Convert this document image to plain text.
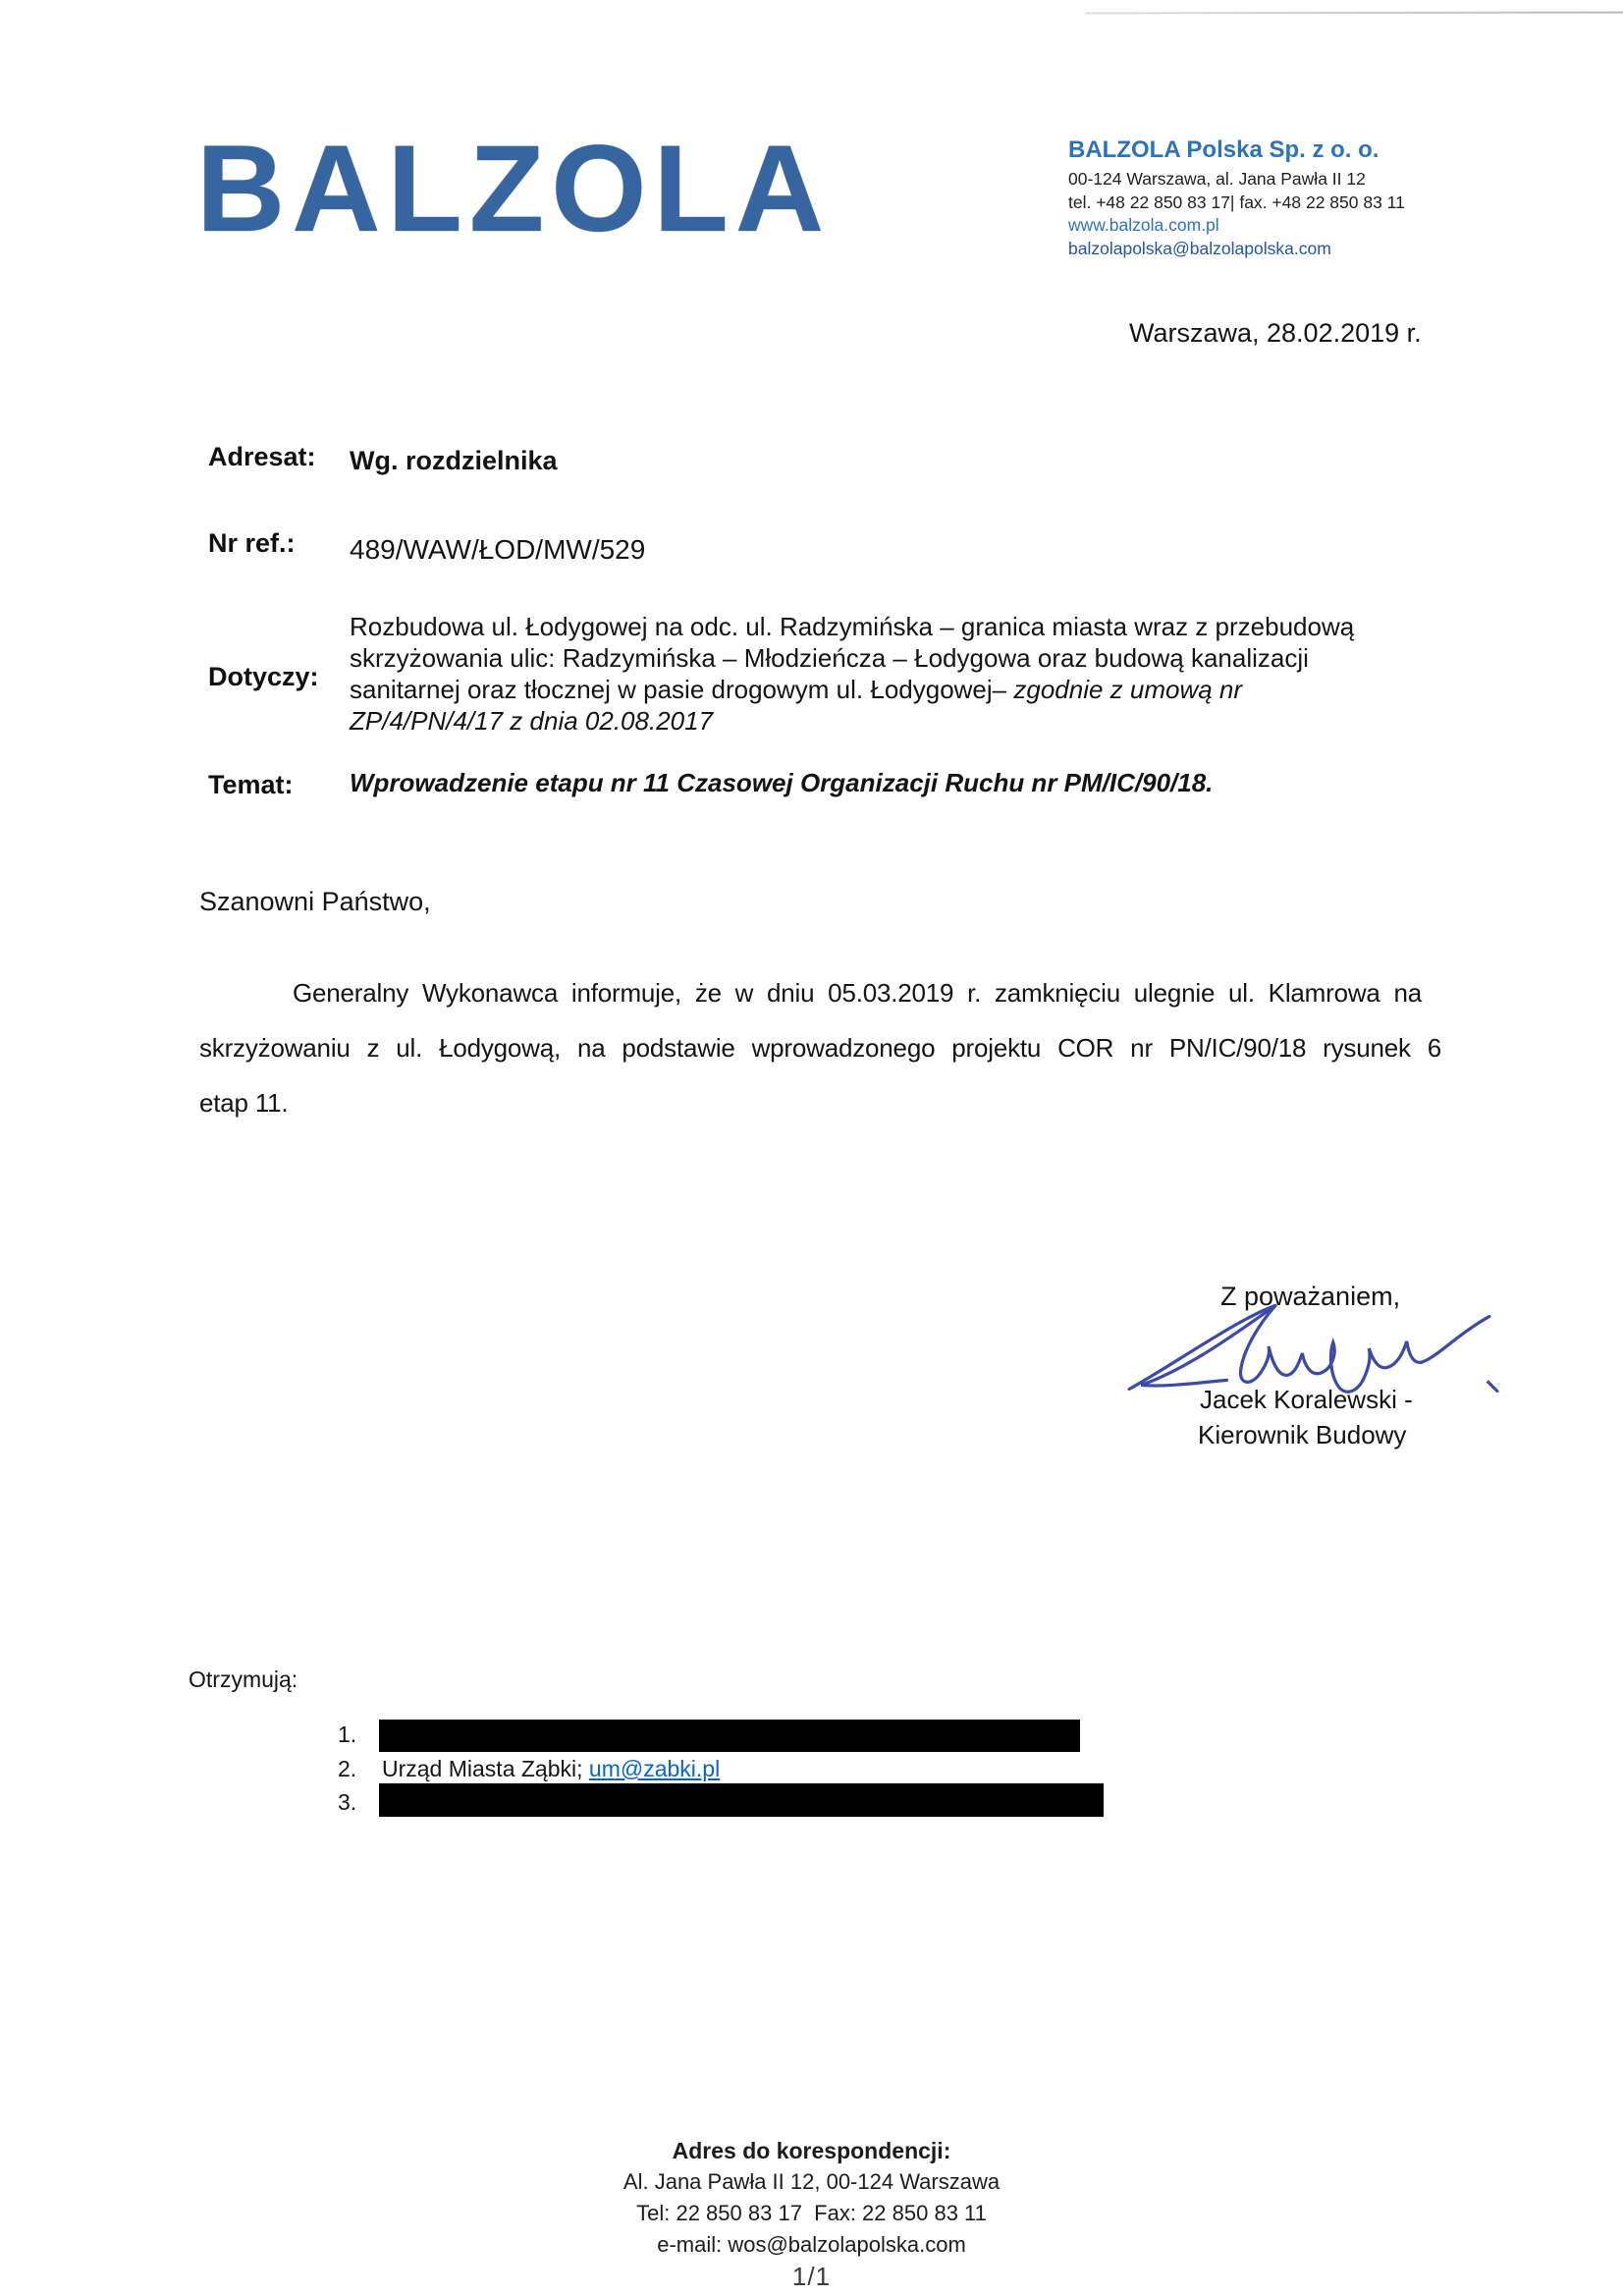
BALZOLA	BALZOLA Polska Sp. z o. o.
00-124 Warszawa, al. Jana Pawła II 12
tel. +48 22 850 83 17| fax. +48 22 850 83 11
www.balzola.com.pl
balzolapolska@balzolapolska.com
Warszawa, 28.02.2019 r.
Adresat: Wg. rozdzielnika
Nr ref.: 489/WAW/ŁOD/MW/529
Dotyczy:
Rozbudowa ul. Łodygowej na odc. ul. Radzymińska – granica miasta wraz z przebudową
skrzyżowania ulic: Radzymińska – Młodzieńcza – Łodygowa oraz budową kanalizacji
sanitarnej oraz tłocznej w pasie drogowym ul. Łodygowej– zgodnie z umową nr
ZP/4/PN/4/17 z dnia 02.08.2017
Temat: Wprowadzenie etapu nr 11 Czasowej Organizacji Ruchu nr PM/IC/90/18.
Szanowni Państwo,
Generalny Wykonawca informuje, że w dniu 05.03.2019 r. zamknięciu ulegnie ul. Klamrowa na
skrzyżowaniu z ul. Łodygową, na podstawie wprowadzonego projektu COR nr PN/IC/90/18 rysunek 6
etap 11.
Z poważaniem,
Jacek Koralewski -
Kierownik Budowy
Otrzymują:
1.
2. Urząd Miasta Ząbki; um@zabki.pl
3.
Adres do korespondencji:
Al. Jana Pawła II 12, 00-124 Warszawa
Tel: 22 850 83 17  Fax: 22 850 83 11
e-mail: wos@balzolapolska.com
1/1
